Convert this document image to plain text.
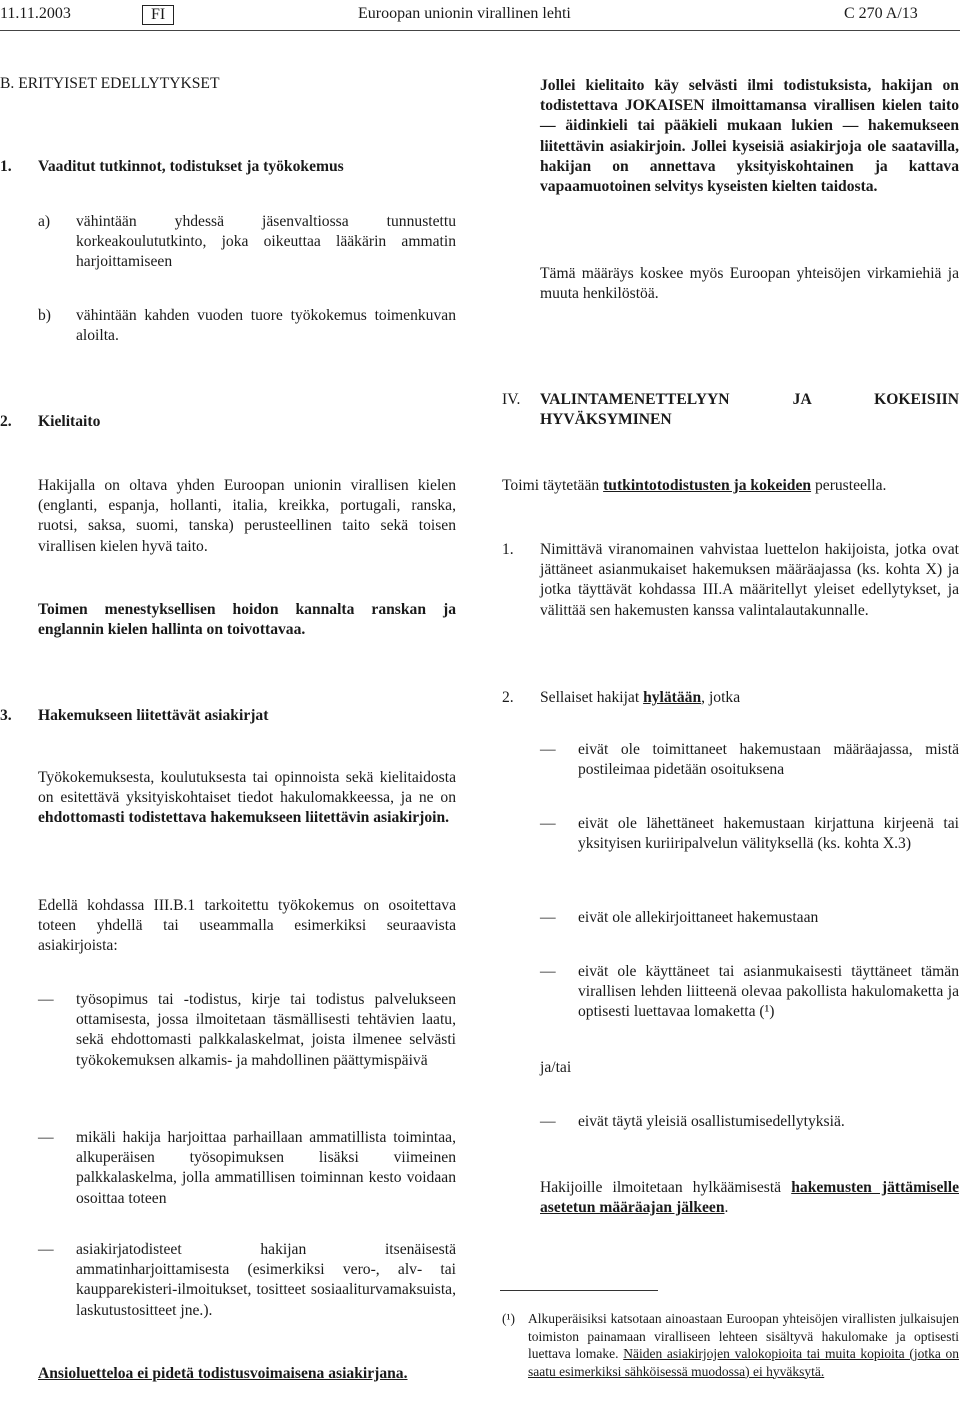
11.11.2003	FI	Euroopan unionin virallinen lehti	C 270 A/13
B. ERITYISET EDELLYTYKSET
1.	Vaaditut tutkinnot, todistukset ja työkokemus
a)	vähintään yhdessä jäsenvaltiossa tunnustettu korkeakoulututkinto, joka oikeuttaa lääkärin ammatin harjoittamiseen

b)	vähintään kahden vuoden tuore työkokemus toimenkuvan aloilta.

2.	Kielitaito

Hakijalla on oltava yhden Euroopan unionin virallisen kielen (englanti, espanja, hollanti, italia, kreikka, portugali, ranska, ruotsi, saksa, suomi, tanska) perusteellinen taito sekä toisen virallisen kielen hyvä taito.

Toimen menestyksellisen hoidon kannalta ranskan ja englannin kielen hallinta on toivottavaa.

3.	Hakemukseen liitettävät asiakirjat

Työkokemuksesta, koulutuksesta tai opinnoista sekä kielitaidosta on esitettävä yksityiskohtaiset tiedot hakulomakkeessa, ja ne on ehdottomasti todistettava hakemukseen liitettävin asiakirjoin.

Edellä kohdassa III.B.1 tarkoitettu työkokemus on osoitettava toteen yhdellä tai useammalla esimerkiksi seuraavista asiakirjoista:

—	työsopimus tai -todistus, kirje tai todistus palvelukseen ottamisesta, jossa ilmoitetaan täsmällisesti tehtävien laatu, sekä ehdottomasti palkkalaskelmat, joista ilmenee selvästi työkokemuksen alkamis- ja mahdollinen päättymispäivä

—	mikäli hakija harjoittaa parhaillaan ammatillista toimintaa, alkuperäisen työsopimuksen lisäksi viimeinen palkkalaskelma, jolla ammatillisen toiminnan kesto voidaan osoittaa toteen

—	asiakirjatodisteet hakijan itsenäisestä ammatinharjoittamisesta (esimerkiksi vero-, alv- tai kaupparekisteri-ilmoitukset, tositteet sosiaaliturvamaksuista, laskutustositteet jne.).

Ansioluetteloa ei pidetä todistusvoimaisena asiakirjana.

Jollei kielitaito käy selvästi ilmi todistuksista, hakijan on todistettava JOKAISEN ilmoittamansa virallisen kielen taito — äidinkieli tai pääkieli mukaan lukien — hakemukseen liitettävin asiakirjoin. Jollei kyseisiä asiakirjoja ole saatavilla, hakijan on annettava yksityiskohtainen ja kattava vapaamuotoinen selvitys kyseisten kielten taidosta.

Tämä määräys koskee myös Euroopan yhteisöjen virkamiehiä ja muuta henkilöstöä.

IV.	VALINTAMENETTELYYN JA KOKEISIIN HYVÄKSYMINEN

Toimi täytetään tutkintotodistusten ja kokeiden perusteella.

1.	Nimittävä viranomainen vahvistaa luettelon hakijoista, jotka ovat jättäneet asianmukaiset hakemuksen määräajassa (ks. kohta X) ja jotka täyttävät kohdassa III.A määritellyt yleiset edellytykset, ja välittää sen hakemusten kanssa valintalautakunnalle.

2.	Sellaiset hakijat hylätään, jotka

—	eivät ole toimittaneet hakemustaan määräajassa, mistä postileimaa pidetään osoituksena

—	eivät ole lähettäneet hakemustaan kirjattuna kirjeenä tai yksityisen kuriiripalvelun välityksellä (ks. kohta X.3)

—	eivät ole allekirjoittaneet hakemustaan

—	eivät ole käyttäneet tai asianmukaisesti täyttäneet tämän virallisen lehden liitteenä olevaa pakollista hakulomaketta ja optisesti luettavaa lomaketta (¹)

ja/tai
—	eivät täytä yleisiä osallistumisedellytyksiä.

Hakijoille ilmoitetaan hylkäämisestä hakemusten jättämiselle asetetun määräajan jälkeen.

(¹) Alkuperäisiksi katsotaan ainoastaan Euroopan yhteisöjen virallisten julkaisujen toimiston painamaan viralliseen lehteen sisältyvä hakulomake ja optisesti luettava lomake. Näiden asiakirjojen valokopioita tai muita kopioita (jotka on saatu esimerkiksi sähköisessä muodossa) ei hyväksytä.
